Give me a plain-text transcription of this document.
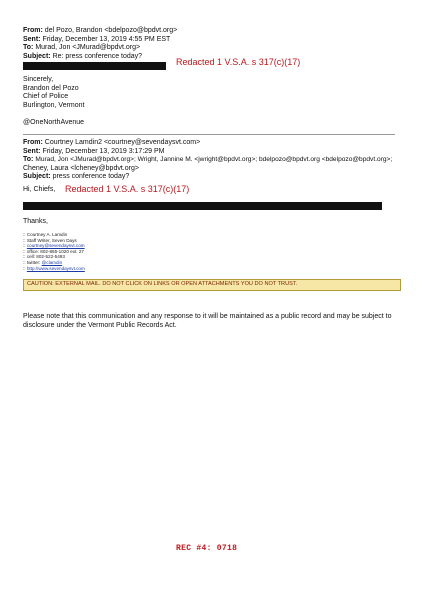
From: del Pozo, Brandon <bdelpozo@bpdvt.org>
Sent: Friday, December 13, 2019 4:55 PM EST
To: Murad, Jon <JMurad@bpdvt.org>
Subject: Re: press conference today?
Redacted 1 V.S.A. s 317(c)(17)
Sincerely,
Brandon del Pozo
Chief of Police
Burlington, Vermont
@OneNorthAvenue
From: Courtney Lamdin2 <courtney@sevendaysvt.com>
Sent: Friday, December 13, 2019 3:17:29 PM
To: Murad, Jon <JMurad@bpdvt.org>; Wright, Jannine M. <jwright@bpdvt.org>; bdelpozo@bpdvt.org <bdelpozo@bpdvt.org>;
Cheney, Laura <lcheney@bpdvt.org>
Subject: press conference today?
Hi, Chiefs, Redacted 1 V.S.A. s 317(c)(17)
Thanks,
:: Courtney A. Lamdin
:: Staff Writer, Seven Days
:: courtney@sevendaysvt.com
:: office: 802-865-1020 ext. 27
:: cell: 802-522-5493
:: twitter: @clamdin
:: http://www.sevendaysvt.com
CAUTION: EXTERNAL MAIL. DO NOT CLICK ON LINKS OR OPEN ATTACHMENTS YOU DO NOT TRUST.
Please note that this communication and any response to it will be maintained as a public record and may be subject to disclosure under the Vermont Public Records Act.
REC #4: 0718
